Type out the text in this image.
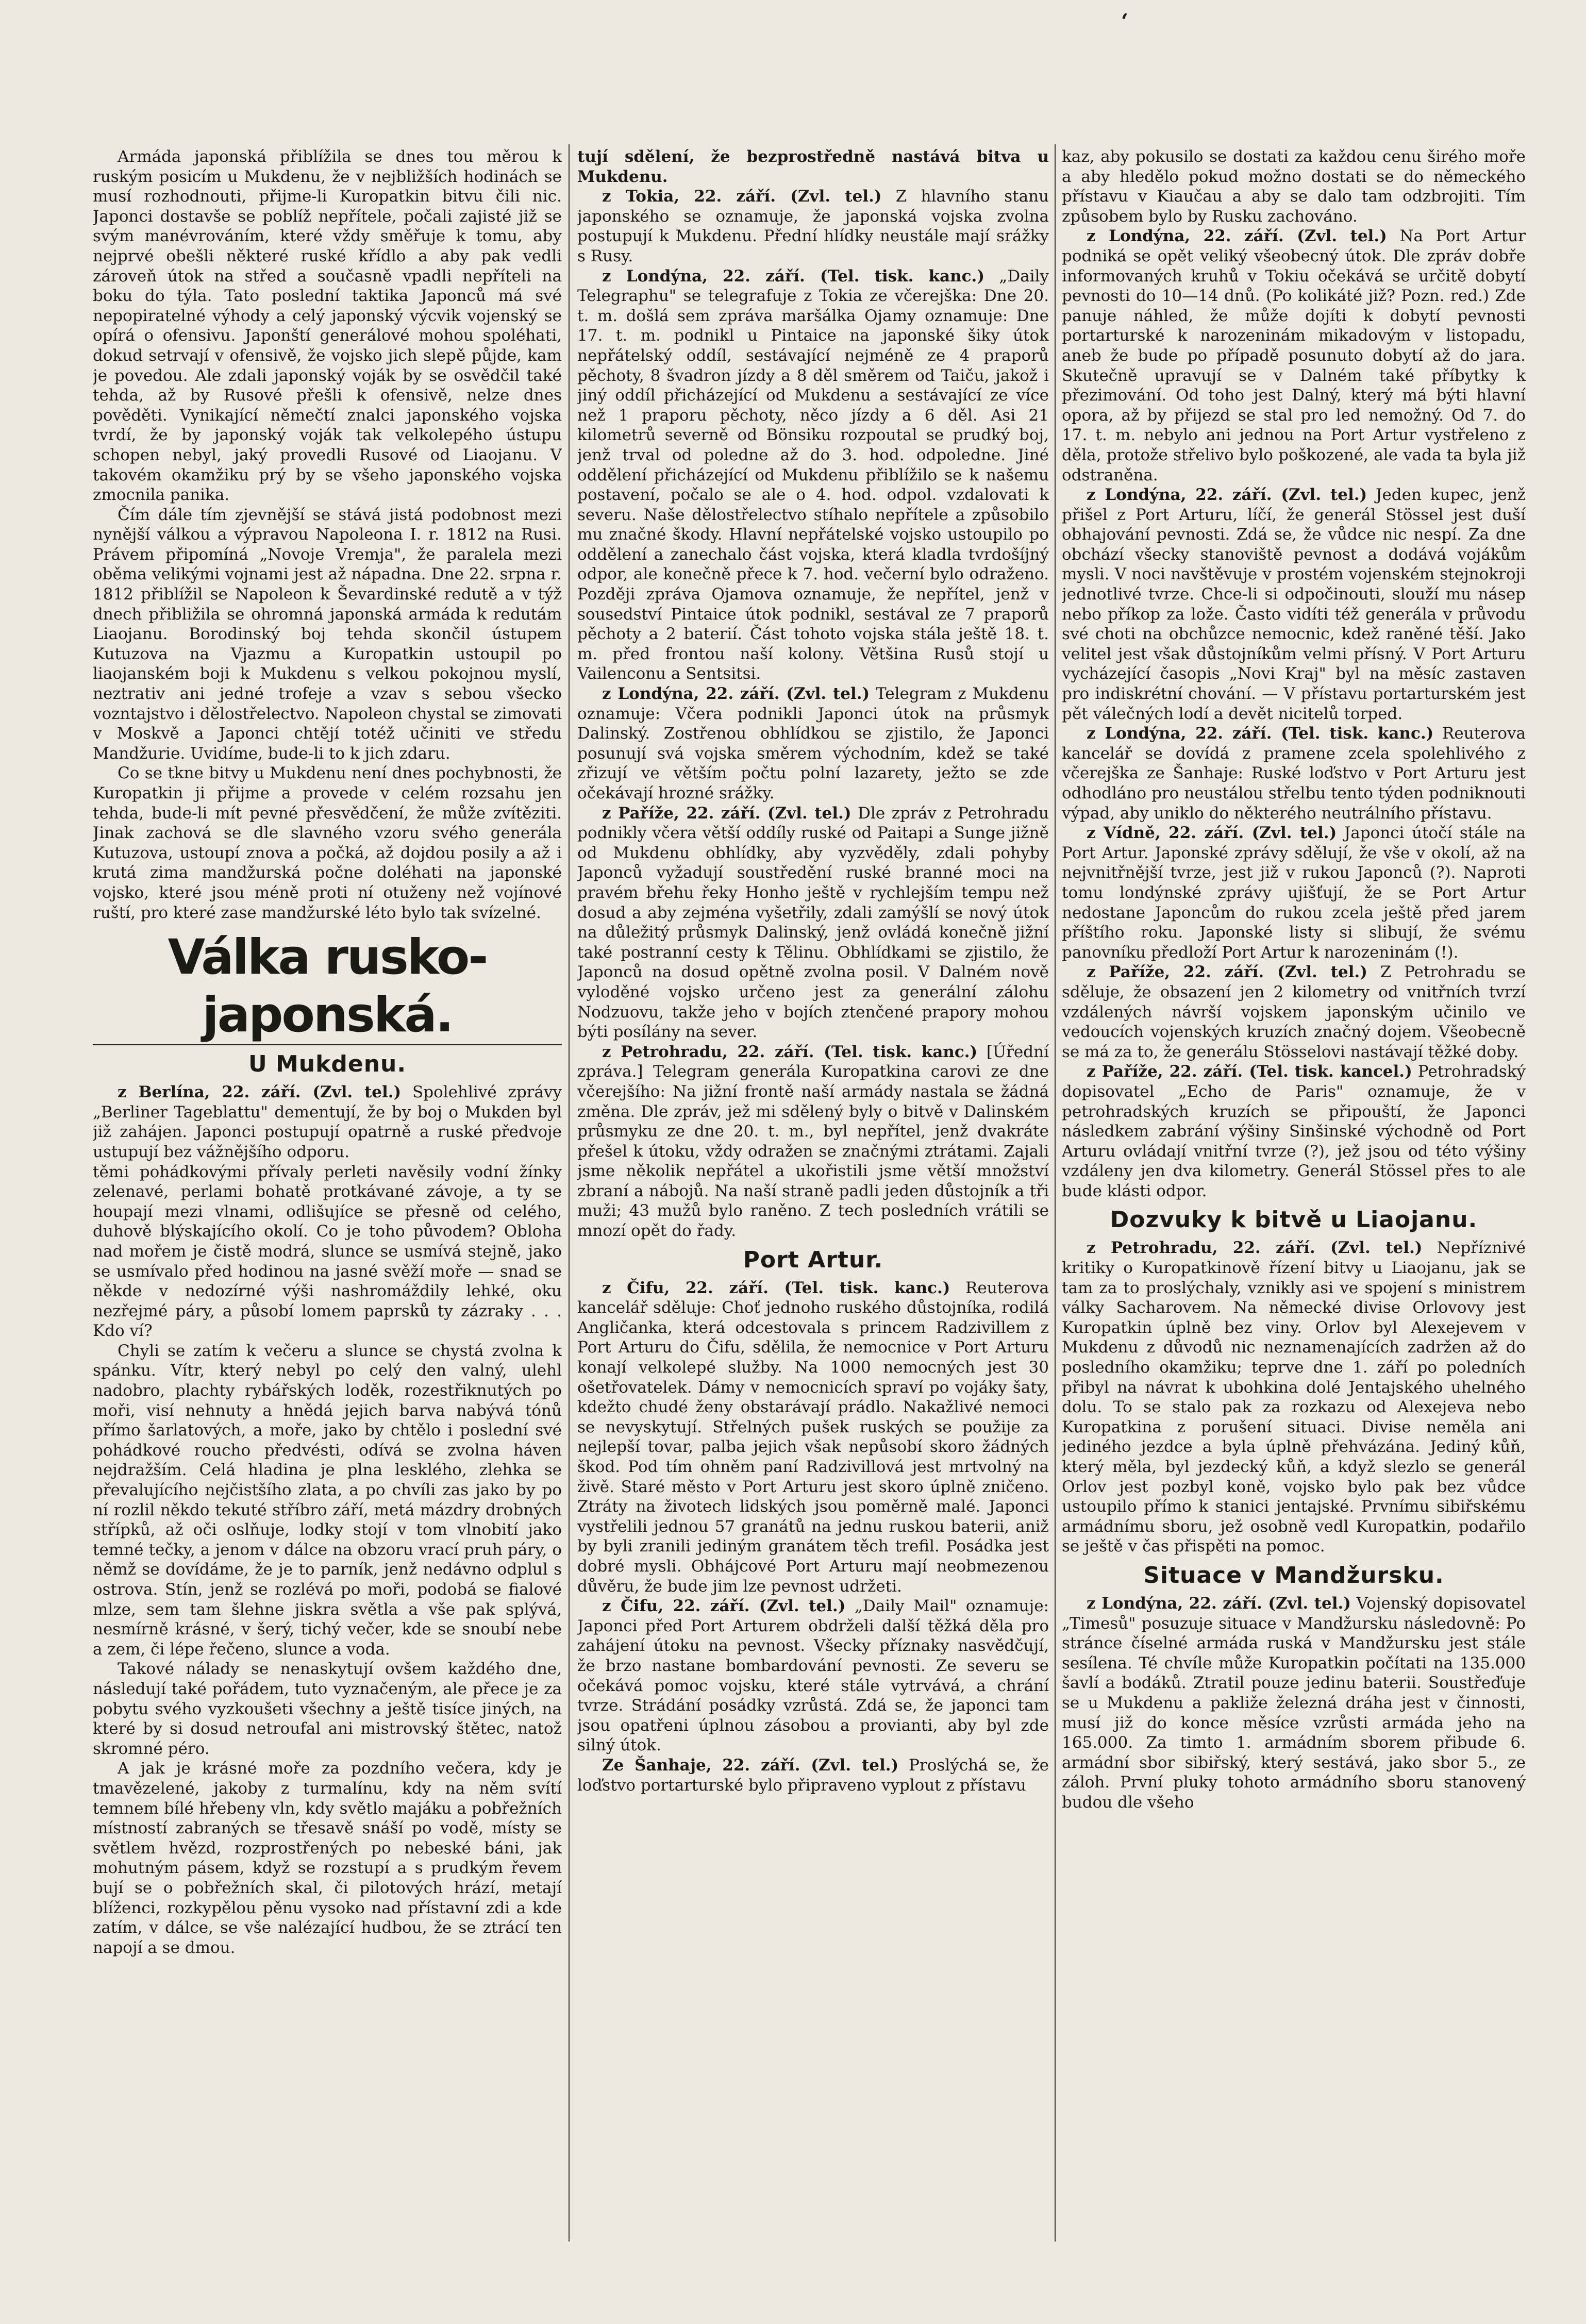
‘

Armáda japonská přiblížila se dnes tou měrou k ruským posicím u Mukdenu, že v nejbližších hodinách se musí rozhodnouti, přijme-li Kuropatkin bitvu čili nic. Japonci dostavše se poblíž nepřítele, počali zajisté již se svým manévrováním, které vždy směřuje k tomu, aby nejprvé obešli některé ruské křídlo a aby pak vedli zároveň útok na střed a současně vpadli nepříteli na boku do týla. Tato poslední taktika Japonců má své nepopiratelné výhody a celý japonský výcvik vojenský se opírá o ofensivu. Japonští generálové mohou spoléhati, dokud setrvají v ofensivě, že vojsko jich slepě půjde, kam je povedou. Ale zdali japonský voják by se osvědčil také tehda, až by Rusové přešli k ofensivě, nelze dnes pověděti. Vynikající němečtí znalci japonského vojska tvrdí, že by japonský voják tak velkolepého ústupu schopen nebyl, jaký provedli Rusové od Liaojanu. V takovém okamžiku prý by se všeho japonského vojska zmocnila panika.

Čím dále tím zjevnější se stává jistá podobnost mezi nynější válkou a výpravou Napoleona I. r. 1812 na Rusi. Právem připomíná „Novoje Vremja", že paralela mezi oběma velikými vojnami jest až nápadna. Dne 22. srpna r. 1812 přiblížil se Napoleon k Ševardinské redutě a v týž dnech přibližila se ohromná japonská armáda k redutám Liaojanu. Borodinský boj tehda skončil ústupem Kutuzova na Vjazmu a Kuropatkin ustoupil po liaojanském boji k Mukdenu s velkou pokojnou myslí, neztrativ ani jedné trofeje a vzav s sebou všecko vozntajstvo i dělostřelectvo. Napoleon chystal se zimovati v Moskvě a Japonci chtějí totéž učiniti ve středu Mandžurie. Uvidíme, bude-li to k jich zdaru.

Co se tkne bitvy u Mukdenu není dnes pochybnosti, že Kuropatkin ji přijme a provede v celém rozsahu jen tehda, bude-li mít pevné přesvědčení, že může zvítěziti. Jinak zachová se dle slavného vzoru svého generála Kutuzova, ustoupí znova a počká, až dojdou posily a až i krutá zima mandžurská počne doléhati na japonské vojsko, které jsou méně proti ní otuženy než vojínové ruští, pro které zase mandžurské léto bylo tak svízelné.

Válka rusko-japonská.
U Mukdenu.

z Berlína, 22. září. (Zvl. tel.) Spolehlivé zprávy „Berliner Tageblattu" dementují, že by boj o Mukden byl již zahájen. Japonci postupují opatrně a ruské předvoje ustupují bez vážnějšího odporu.

těmi pohádkovými přívaly perleti navěsily vodní žínky zelenavé, perlami bohatě protkávané závoje, a ty se houpají mezi vlnami, odlišujíce se přesně od celého, duhově blýskajícího okolí. Co je toho původem? Obloha nad mořem je čistě modrá, slunce se usmívá stejně, jako se usmívalo před hodinou na jasné svěží moře — snad se někde v nedozírné výši nashromáždily lehké, oku nezřejmé páry, a působí lomem paprsků ty zázraky . . . Kdo ví?

Chyli se zatím k večeru a slunce se chystá zvolna k spánku. Vítr, který nebyl po celý den valný, ulehl nadobro, plachty rybářských loděk, rozestřiknutých po moři, visí nehnuty a hnědá jejich barva nabývá tónů přímo šarlatových, a moře, jako by chtělo i poslední své pohádkové roucho předvésti, odívá se zvolna háven nejdražším. Celá hladina je plna lesklého, zlehka se převalujícího nejčistšího zlata, a po chvíli zas jako by po ní rozlil někdo tekuté stříbro září, metá mázdry drobných střípků, až oči oslňuje, lodky stojí v tom vlnobití jako temné tečky, a jenom v dálce na obzoru vrací pruh páry, o němž se dovídáme, že je to parník, jenž nedávno odplul s ostrova. Stín, jenž se rozlévá po moři, podobá se fialové mlze, sem tam šlehne jiskra světla a vše pak splývá, nesmírně krásné, v šerý, tichý večer, kde se snoubí nebe a zem, či lépe řečeno, slunce a voda.

Takové nálady se nenaskytují ovšem každého dne, následují také pořádem, tuto vyznačeným, ale přece je za pobytu svého vyzkoušeti všechny a ještě tisíce jiných, na které by si dosud netroufal ani mistrovský štětec, natož skromné péro.

A jak je krásné moře za pozdního večera, kdy je tmavězelené, jakoby z turmalínu, kdy na něm svítí temnem bílé hřebeny vln, kdy světlo majáku a pobřežních místností zabraných se třesavě snáší po vodě, místy se světlem hvězd, rozprostřených po nebeské báni, jak mohutným pásem, když se rozstupí a s prudkým řevem bují se o pobřežních skal, či pilotových hrází, metají blíženci, rozkypělou pěnu vysoko nad přístavní zdi a kde zatím, v dálce, se vše nalézající hudbou, že se ztrácí ten napojí a se dmou.

tují sdělení, že bezprostředně nastává bitva u Mukdenu.

z Tokia, 22. září. (Zvl. tel.) Z hlavního stanu japonského se oznamuje, že japonská vojska zvolna postupují k Mukdenu. Přední hlídky neustále mají srážky s Rusy.

z Londýna, 22. září. (Tel. tisk. kanc.) „Daily Telegraphu" se telegrafuje z Tokia ze včerejška: Dne 20. t. m. došlá sem zpráva maršálka Ojamy oznamuje: Dne 17. t. m. podnikl u Pintaice na japonské šiky útok nepřátelský oddíl, sestávající nejméně ze 4 praporů pěchoty, 8 švadron jízdy a 8 děl směrem od Taiču, jakož i jiný oddíl přicházející od Mukdenu a sestávající ze více než 1 praporu pěchoty, něco jízdy a 6 děl. Asi 21 kilometrů severně od Bönsiku rozpoutal se prudký boj, jenž trval od poledne až do 3. hod. odpoledne. Jiné oddělení přicházející od Mukdenu přiblížilo se k našemu postavení, počalo se ale o 4. hod. odpol. vzdalovati k severu. Naše dělostřelectvo stíhalo nepřítele a způsobilo mu značné škody. Hlavní nepřátelské vojsko ustoupilo po oddělení a zanechalo část vojska, která kladla tvrdošíjný odpor, ale konečně přece k 7. hod. večerní bylo odraženo. Později zpráva Ojamova oznamuje, že nepřítel, jenž v sousedství Pintaice útok podnikl, sestával ze 7 praporů pěchoty a 2 baterií. Část tohoto vojska stála ještě 18. t. m. před frontou naší kolony. Většina Rusů stojí u Vailenconu a Sentsitsi.

z Londýna, 22. září. (Zvl. tel.) Telegram z Mukdenu oznamuje: Včera podnikli Japonci útok na průsmyk Dalinský. Zostřenou obhlídkou se zjistilo, že Japonci posunují svá vojska směrem východním, kdež se také zřizují ve větším počtu polní lazarety, ježto se zde očekávají hrozné srážky.

z Paříže, 22. září. (Zvl. tel.) Dle zpráv z Petrohradu podnikly včera větší oddíly ruské od Paitapi a Sunge jižně od Mukdenu obhlídky, aby vyzvěděly, zdali pohyby Japonců vyžadují soustředění ruské branné moci na pravém břehu řeky Honho ještě v rychlejším tempu než dosud a aby zejména vyšetřily, zdali zamýšlí se nový útok na důležitý průsmyk Dalinský, jenž ovládá konečně jižní také postranní cesty k Tělinu. Obhlídkami se zjistilo, že Japonců na dosud opětně zvolna posil. V Dalném nově vyloděné vojsko určeno jest za generální zálohu Nodzuovu, takže jeho v bojích ztenčené prapory mohou býti posílány na sever.

z Petrohradu, 22. září. (Tel. tisk. kanc.) [Úřední zpráva.] Telegram generála Kuropatkina carovi ze dne včerejšího: Na jižní frontě naší armády nastala se žádná změna. Dle zpráv, jež mi sdělený byly o bitvě v Dalinském průsmyku ze dne 20. t. m., byl nepřítel, jenž dvakráte přešel k útoku, vždy odražen se značnými ztrátami. Zajali jsme několik nepřátel a ukořistili jsme větší množství zbraní a nábojů. Na naší straně padli jeden důstojník a tři muži; 43 mužů bylo raněno. Z tech posledních vrátili se mnozí opět do řady.

Port Artur.

z Čifu, 22. září. (Tel. tisk. kanc.) Reuterova kancelář sděluje: Choť jednoho ruského důstojníka, rodilá Angličanka, která odcestovala s princem Radzivillem z Port Arturu do Čifu, sdělila, že nemocnice v Port Arturu konají velkolepé služby. Na 1000 nemocných jest 30 ošetřovatelek. Dámy v nemocnicích spraví po vojáky šaty, kdežto chudé ženy obstarávají prádlo. Nakažlivé nemoci se nevyskytují. Střelných pušek ruských se použije za nejlepší tovar, palba jejich však nepůsobí skoro žádných škod. Pod tím ohněm paní Radzivillová jest mrtvolný na živě. Staré město v Port Arturu jest skoro úplně zničeno. Ztráty na životech lidských jsou poměrně malé. Japonci vystřelili jednou 57 granátů na jednu ruskou baterii, aniž by byli zranili jediným granátem těch trefil. Posádka jest dobré mysli. Obhájcové Port Arturu mají neobmezenou důvěru, že bude jim lze pevnost udržeti.

z Čifu, 22. září. (Zvl. tel.) „Daily Mail" oznamuje: Japonci před Port Arturem obdrželi další těžká děla pro zahájení útoku na pevnost. Všecky příznaky nasvědčují, že brzo nastane bombardování pevnosti. Ze severu se očekává pomoc vojsku, které stále vytrvává, a chrání tvrze. Strádání posádky vzrůstá. Zdá se, že japonci tam jsou opatřeni úplnou zásobou a provianti, aby byl zde silný útok.

Ze Šanhaje, 22. září. (Zvl. tel.) Proslýchá se, že loďstvo portarturské bylo připraveno vyplout z přístavu

kaz, aby pokusilo se dostati za každou cenu širého moře a aby hledělo pokud možno dostati se do německého přístavu v Kiaučau a aby se dalo tam odzbrojiti. Tím způsobem bylo by Rusku zachováno.

z Londýna, 22. září. (Zvl. tel.) Na Port Artur podniká se opět veliký všeobecný útok. Dle zpráv dobře informovaných kruhů v Tokiu očekává se určitě dobytí pevnosti do 10—14 dnů. (Po kolikáté již? Pozn. red.) Zde panuje náhled, že může dojíti k dobytí pevnosti portarturské k narozeninám mikadovým v listopadu, aneb že bude po případě posunuto dobytí až do jara. Skutečně upravují se v Dalném také příbytky k přezimování. Od toho jest Dalný, který má býti hlavní opora, až by přijezd se stal pro led nemožný. Od 7. do 17. t. m. nebylo ani jednou na Port Artur vystřeleno z děla, protože střelivo bylo poškozené, ale vada ta byla již odstraněna.

z Londýna, 22. září. (Zvl. tel.) Jeden kupec, jenž přišel z Port Arturu, líčí, že generál Stössel jest duší obhajování pevnosti. Zdá se, že vůdce nic nespí. Za dne obchází všecky stanoviště pevnost a dodává vojákům mysli. V noci navštěvuje v prostém vojenském stejnokroji jednotlivé tvrze. Chce-li si odpočinouti, slouží mu násep nebo příkop za lože. Často vidíti též generála v průvodu své choti na obchůzce nemocnic, kdež raněné těší. Jako velitel jest však důstojníkům velmi přísný. V Port Arturu vycházející časopis „Novi Kraj" byl na měsíc zastaven pro indiskrétní chování. — V přístavu portarturském jest pět válečných lodí a devět nicitelů torped.

z Londýna, 22. září. (Tel. tisk. kanc.) Reuterova kancelář se dovídá z pramene zcela spolehlivého z včerejška ze Šanhaje: Ruské loďstvo v Port Arturu jest odhodláno pro neustálou střelbu tento týden podniknouti výpad, aby uniklo do některého neutrálního přístavu.

z Vídně, 22. září. (Zvl. tel.) Japonci útočí stále na Port Artur. Japonské zprávy sdělují, že vše v okolí, až na nejvnitřnější tvrze, jest již v rukou Japonců (?). Naproti tomu londýnské zprávy ujišťují, že se Port Artur nedostane Japoncům do rukou zcela ještě před jarem příštího roku. Japonské listy si slibují, že svému panovníku předloží Port Artur k narozeninám (!).

z Paříže, 22. září. (Zvl. tel.) Z Petrohradu se sděluje, že obsazení jen 2 kilometry od vnitřních tvrzí vzdálených návrší vojskem japonským učinilo ve vedoucích vojenských kruzích značný dojem. Všeobecně se má za to, že generálu Stösselovi nastávají těžké doby.

z Paříže, 22. září. (Tel. tisk. kancel.) Petrohradský dopisovatel „Echo de Paris" oznamuje, že v petrohradských kruzích se připouští, že Japonci následkem zabrání výšiny Sinšinské východně od Port Arturu ovládají vnitřní tvrze (?), jež jsou od této výšiny vzdáleny jen dva kilometry. Generál Stössel přes to ale bude klásti odpor.

Dozvuky k bitvě u Liaojanu.

z Petrohradu, 22. září. (Zvl. tel.) Nepříznivé kritiky o Kuropatkinově řízení bitvy u Liaojanu, jak se tam za to proslýchaly, vznikly asi ve spojení s ministrem války Sacharovem. Na německé divise Orlovovy jest Kuropatkin úplně bez viny. Orlov byl Alexejevem v Mukdenu z důvodů nic neznamenajících zadržen až do posledního okamžiku; teprve dne 1. září po poledních přibyl na návrat k ubohkina dolé Jentajského uhelného dolu. To se stalo pak za rozkazu od Alexejeva nebo Kuropatkina z porušení situaci. Divise neměla ani jediného jezdce a byla úplně přehvázána. Jediný kůň, který měla, byl jezdecký kůň, a když slezlo se generál Orlov jest pozbyl koně, vojsko bylo pak bez vůdce ustoupilo přímo k stanici jentajské. Prvnímu sibiřskému armádnímu sboru, jež osobně vedl Kuropatkin, podařilo se ještě v čas přispěti na pomoc.

Situace v Mandžursku.

z Londýna, 22. září. (Zvl. tel.) Vojenský dopisovatel „Timesů" posuzuje situace v Mandžursku následovně: Po stránce číselné armáda ruská v Mandžursku jest stále sesílena. Té chvíle může Kuropatkin počítati na 135.000 šavlí a bodáků. Ztratil pouze jedinu baterii. Soustřeďuje se u Mukdenu a pakliže železná dráha jest v činnosti, musí již do konce měsíce vzrůsti armáda jeho na 165.000. Za timto 1. armádním sborem přibude 6. armádní sbor sibiřský, který sestává, jako sbor 5., ze záloh. První pluky tohoto armádního sboru stanovený budou dle všeho
